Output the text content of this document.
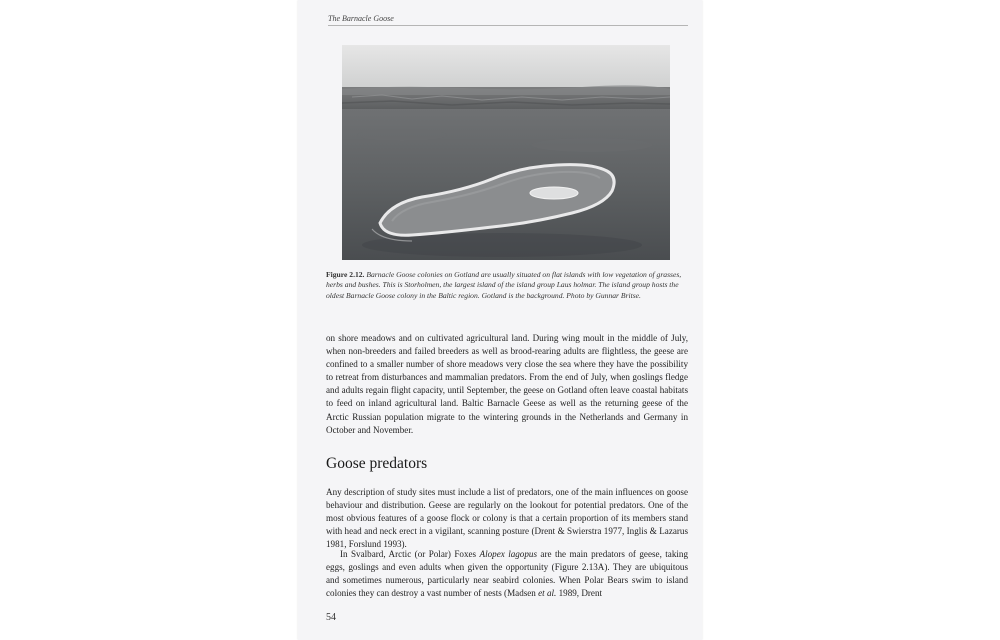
The Barnacle Goose
Figure 2.12. Barnacle Goose colonies on Gotland are usually situated on flat islands with low vegetation of grasses, herbs and bushes. This is Storholmen, the largest island of the island group Laus holmar. The island group hosts the oldest Barnacle Goose colony in the Baltic region. Gotland is the background. Photo by Gunnar Britse.

on shore meadows and on cultivated agricultural land. During wing moult in the middle of July, when non-breeders and failed breeders as well as brood-rearing adults are flightless, the geese are confined to a smaller number of shore meadows very close the sea where they have the possibility to retreat from disturbances and mammalian predators. From the end of July, when goslings fledge and adults regain flight capacity, until September, the geese on Gotland often leave coastal habitats to feed on inland agricultural land. Baltic Barnacle Geese as well as the returning geese of the Arctic Russian population migrate to the wintering grounds in the Netherlands and Germany in October and November.

Goose predators

Any description of study sites must include a list of predators, one of the main influences on goose behaviour and distribution. Geese are regularly on the lookout for potential predators. One of the most obvious features of a goose flock or colony is that a certain proportion of its members stand with head and neck erect in a vigilant, scanning posture (Drent & Swierstra 1977, Inglis & Lazarus 1981, Forslund 1993).

In Svalbard, Arctic (or Polar) Foxes Alopex lagopus are the main predators of geese, taking eggs, goslings and even adults when given the opportunity (Figure 2.13A). They are ubiquitous and sometimes numerous, particularly near seabird colonies. When Polar Bears swim to island colonies they can destroy a vast number of nests (Madsen et al. 1989, Drent

54
